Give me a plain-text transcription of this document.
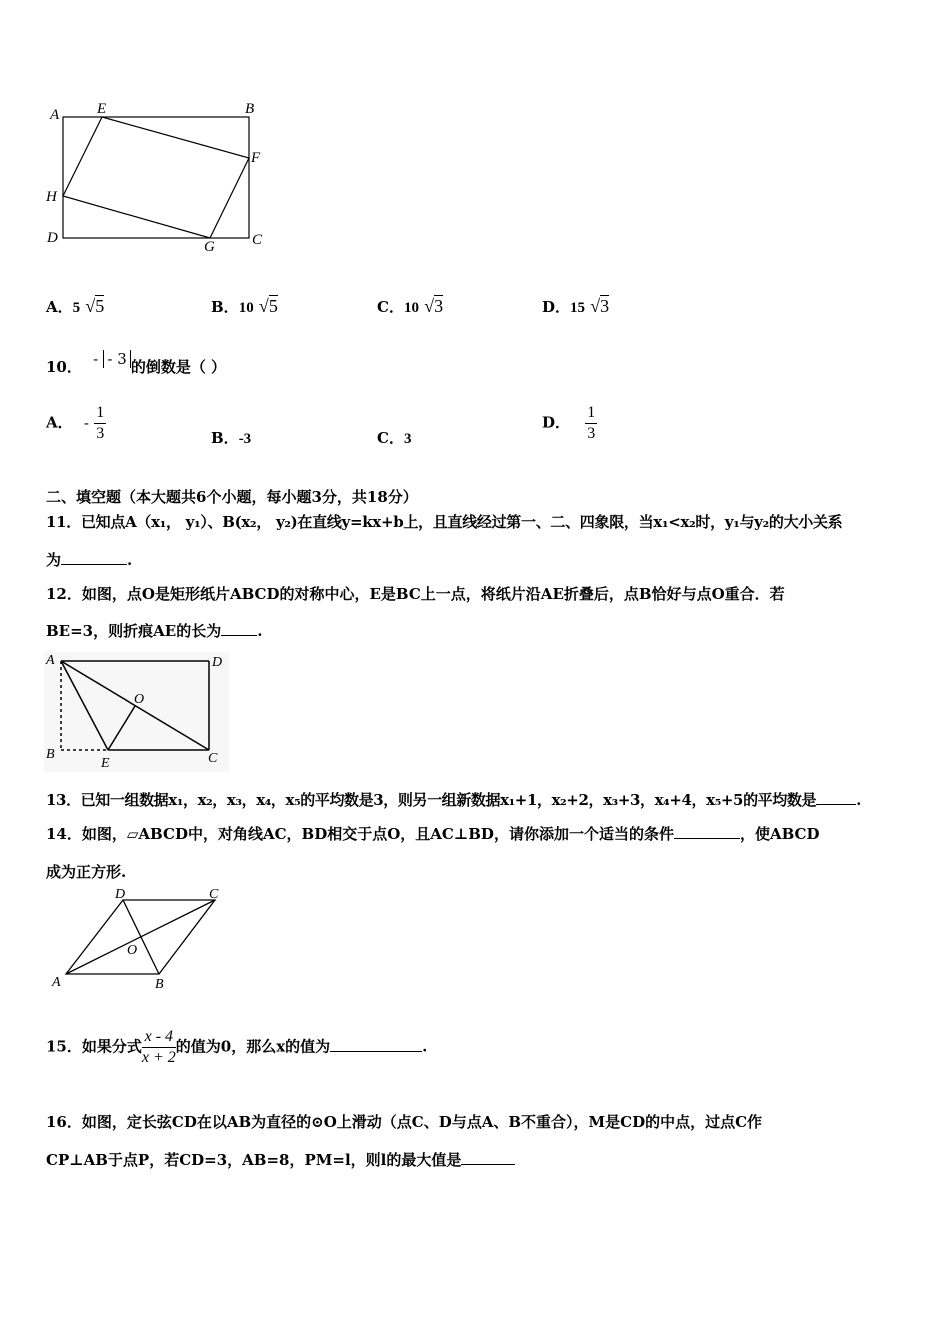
A	E	B
F
H
D
G C
A．5 √5	B．10 √5	C．10 √3	D．15 √3
10． - - 3 的倒数是（ ）
A． - $\frac{1}{3}$	B．-3	C．3
D． $\frac{1}{3}$
二、填空题（本大题共6个小题，每小题3分，共18分）
11．已知点A（x₁， y₁）、B(x₂， y₂)在直线y=kx+b上，且直线经过第一、二、四象限，当x₁<x₂时，y₁与y₂的大小关系
为	.
12．如图，点O是矩形纸片ABCD的对称中心，E是BC上一点，将纸片沿AE折叠后，点B恰好与点O重合．若
BE=3，则折痕AE的长为 .
A	D
O
B
E	C
13．已知一组数据x₁，x₂，x₃，x₄，x₅的平均数是3，则另一组新数据x₁+1，x₂+2，x₃+3，x₄+4，x₅+5的平均数是	.
14．如图，▱ABCD中，对角线AC，BD相交于点O，且AC⊥BD，请你添加一个适当的条件	，使ABCD
成为正方形.
D	C
O
A	B
15．如果分式 $\frac{x - 4}{x + 2}$ 的值为0，那么x的值为	.
16．如图，定长弦CD在以AB为直径的⊙O上滑动（点C、D与点A、B不重合），M是CD的中点，过点C作
CP⊥AB于点P，若CD=3，AB=8，PM=l，则l的最大值是
